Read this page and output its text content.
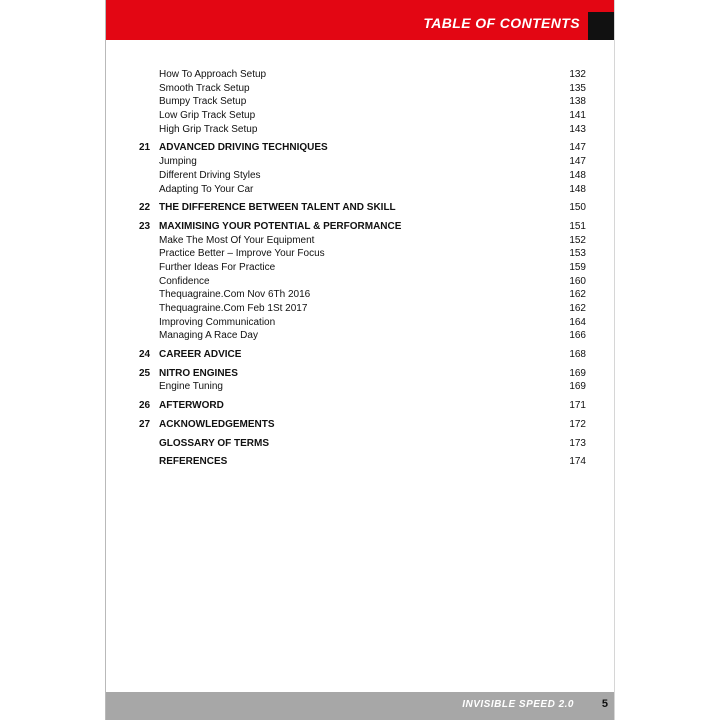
TABLE OF CONTENTS
How To Approach Setup	132
Smooth Track Setup	135
Bumpy Track Setup	138
Low Grip Track Setup	141
High Grip Track Setup	143
21 ADVANCED DRIVING TECHNIQUES	147
Jumping	147
Different Driving Styles	148
Adapting To Your Car	148
22 THE DIFFERENCE BETWEEN TALENT AND SKILL	150
23 MAXIMISING YOUR POTENTIAL & PERFORMANCE	151
Make The Most Of Your Equipment	152
Practice Better – Improve Your Focus	153
Further Ideas For Practice	159
Confidence	160
Thequagraine.Com Nov 6Th 2016	162
Thequagraine.Com Feb 1St 2017	162
Improving Communication	164
Managing A Race Day	166
24 CAREER ADVICE	168
25 NITRO ENGINES	169
Engine Tuning	169
26 AFTERWORD	171
27 ACKNOWLEDGEMENTS	172
GLOSSARY OF TERMS	173
REFERENCES	174
INVISIBLE SPEED 2.0	5
